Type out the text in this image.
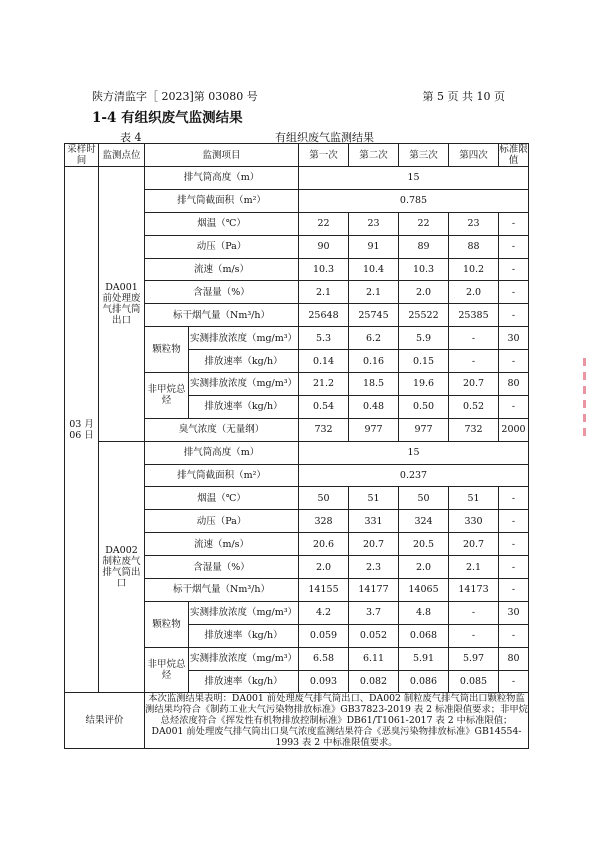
陕方清监字［ 2023]第 03080 号	第 5 页 共 10 页
1-4 有组织废气监测结果
表 4	有组织废气监测结果
采样时间	监测点位	监测项目		第一次	第二次	第三次	第四次	标准限值
03 月 06 日	DA001 前处理废气排气筒出口	排气筒高度（m）		15				
		排气筒截面积（m²）		0.785				
		烟温（℃）		22	23	22	23	-
		动压（Pa）		90	91	89	88	-
		流速（m/s）		10.3	10.4	10.3	10.2	-
		含湿量（%）		2.1	2.1	2.0	2.0	-
		标干烟气量（Nm³/h）		25648	25745	25522	25385	-
		颗粒物	实测排放浓度（mg/m³）	5.3	6.2	5.9	-	30
			排放速率（kg/h）	0.14	0.16	0.15	-	-
		非甲烷总烃	实测排放浓度（mg/m³）	21.2	18.5	19.6	20.7	80
			排放速率（kg/h）	0.54	0.48	0.50	0.52	-
		臭气浓度（无量纲）		732	977	977	732	2000
	DA002 制粒废气排气筒出口	排气筒高度（m）		15				
		排气筒截面积（m²）		0.237				
		烟温（℃）		50	51	50	51	-
		动压（Pa）		328	331	324	330	-
		流速（m/s）		20.6	20.7	20.5	20.7	-
		含湿量（%）		2.0	2.3	2.0	2.1	-
		标干烟气量（Nm³/h）		14155	14177	14065	14173	-
		颗粒物	实测排放浓度（mg/m³）	4.2	3.7	4.8	-	30
			排放速率（kg/h）	0.059	0.052	0.068	-	-
		非甲烷总烃	实测排放浓度（mg/m³）	6.58	6.11	5.91	5.97	80
			排放速率（kg/h）	0.093	0.082	0.086	0.085	-
结果评价		本次监测结果表明：DA001 前处理废气排气筒出口、DA002 制粒废气排气筒出口颗粒物监测结果均符合《制药工业大气污染物排放标准》GB37823-2019 表 2 标准限值要求；非甲烷总烃浓度符合《挥发性有机物排放控制标准》DB61/T1061-2017 表 2 中标准限值；DA001 前处理废气排气筒出口臭气浓度监测结果符合《恶臭污染物排放标准》GB14554-1993 表 2 中标准限值要求。						
